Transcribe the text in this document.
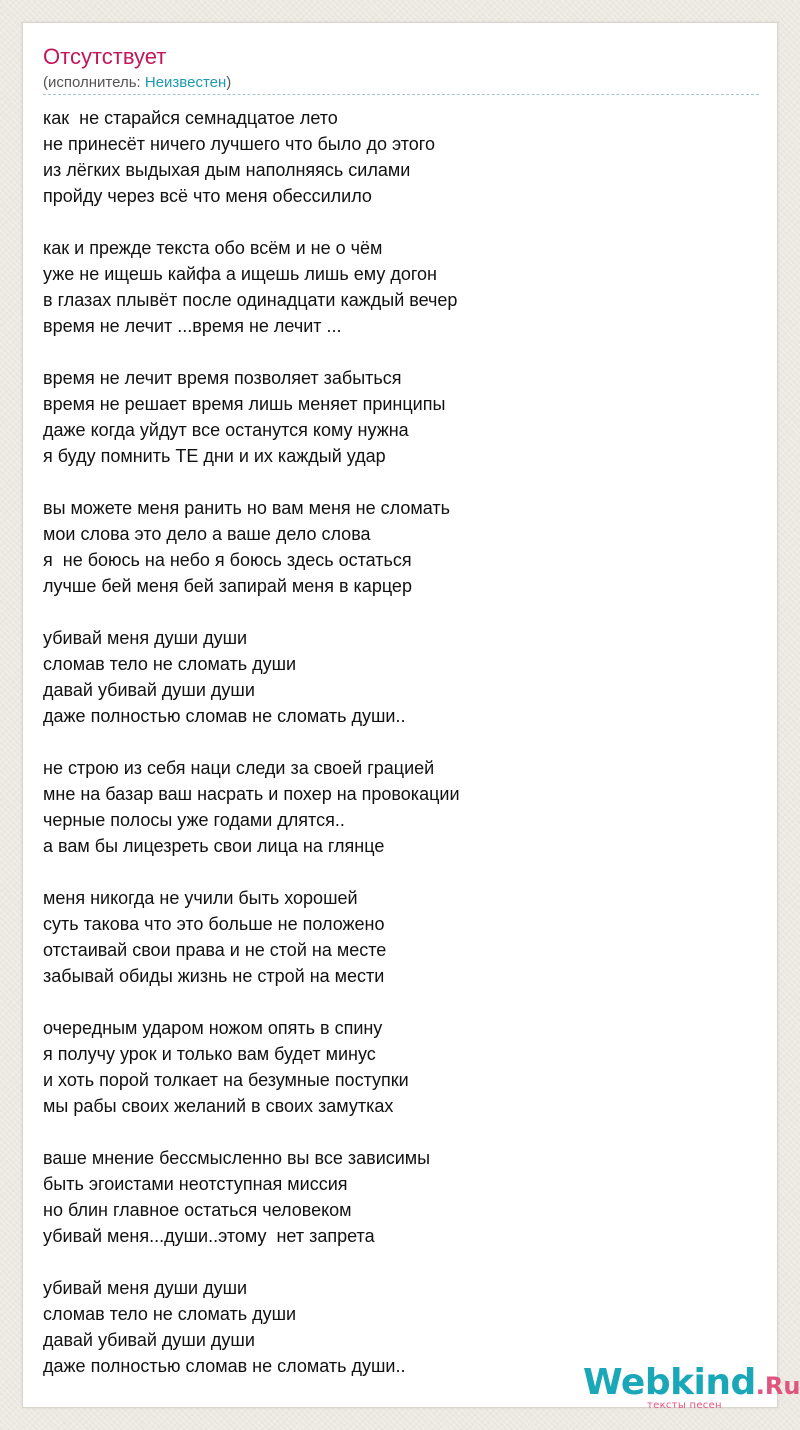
Отсутствует
(исполнитель: Неизвестен)
как  не старайся семнадцатое лето
не принесёт ничего лучшего что было до этого
из лёгких выдыхая дым наполняясь силами
пройду через всё что меня обессилило
как и прежде текста обо всём и не о чём
уже не ищешь кайфа а ищешь лишь ему догон
в глазах плывёт после одинадцати каждый вечер
время не лечит ...время не лечит ...
время не лечит время позволяет забыться
время не решает время лишь меняет принципы
даже когда уйдут все останутся кому нужна
я буду помнить ТЕ дни и их каждый удар
вы можете меня ранить но вам меня не сломать
мои слова это дело а ваше дело слова
я  не боюсь на небо я боюсь здесь остаться
лучше бей меня бей запирай меня в карцер
убивай меня души души
сломав тело не сломать души
давай убивай души души
даже полностью сломав не сломать души..
не строю из себя наци следи за своей грацией
мне на базар ваш насрать и похер на провокации
черные полосы уже годами длятся..
а вам бы лицезреть свои лица на глянце
меня никогда не учили быть хорошей
суть такова что это больше не положено
отстаивай свои права и не стой на месте
забывай обиды жизнь не строй на мести
очередным ударом ножом опять в спину
я получу урок и только вам будет минус
и хоть порой толкает на безумные поступки
мы рабы своих желаний в своих замутках
ваше мнение бессмысленно вы все зависимы
быть эгоистами неотступная миссия
но блин главное остаться человеком
убивай меня...души..этому  нет запрета
убивай меня души души
сломав тело не сломать души
давай убивай души души
даже полностью сломав не сломать души..	Webkind.Ru
тексты песен
